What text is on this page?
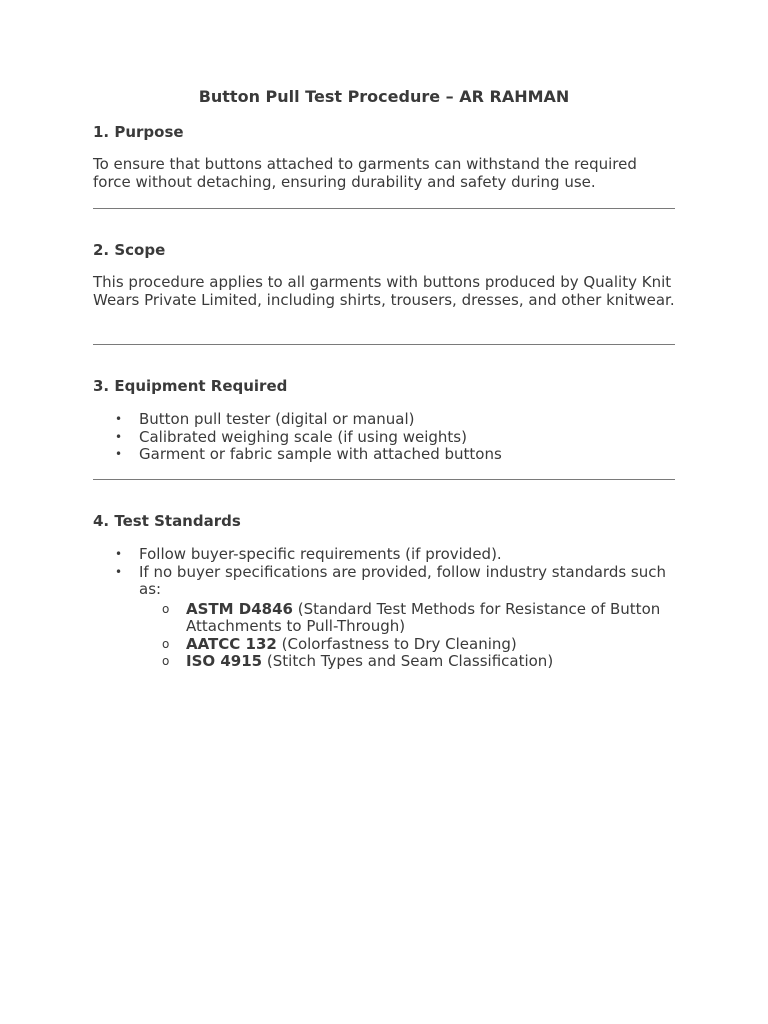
Button Pull Test Procedure – AR RAHMAN
1. Purpose

To ensure that buttons attached to garments can withstand the required force without detaching, ensuring durability and safety during use.

2. Scope

This procedure applies to all garments with buttons produced by Quality Knit Wears Private Limited, including shirts, trousers, dresses, and other knitwear.

3. Equipment Required
• Button pull tester (digital or manual)
• Calibrated weighing scale (if using weights)
• Garment or fabric sample with attached buttons
4. Test Standards
• Follow buyer-specific requirements (if provided).
• If no buyer specifications are provided, follow industry standards such as:
o ASTM D4846 (Standard Test Methods for Resistance of Button Attachments to Pull-Through)
o AATCC 132 (Colorfastness to Dry Cleaning)
o ISO 4915 (Stitch Types and Seam Classification)
